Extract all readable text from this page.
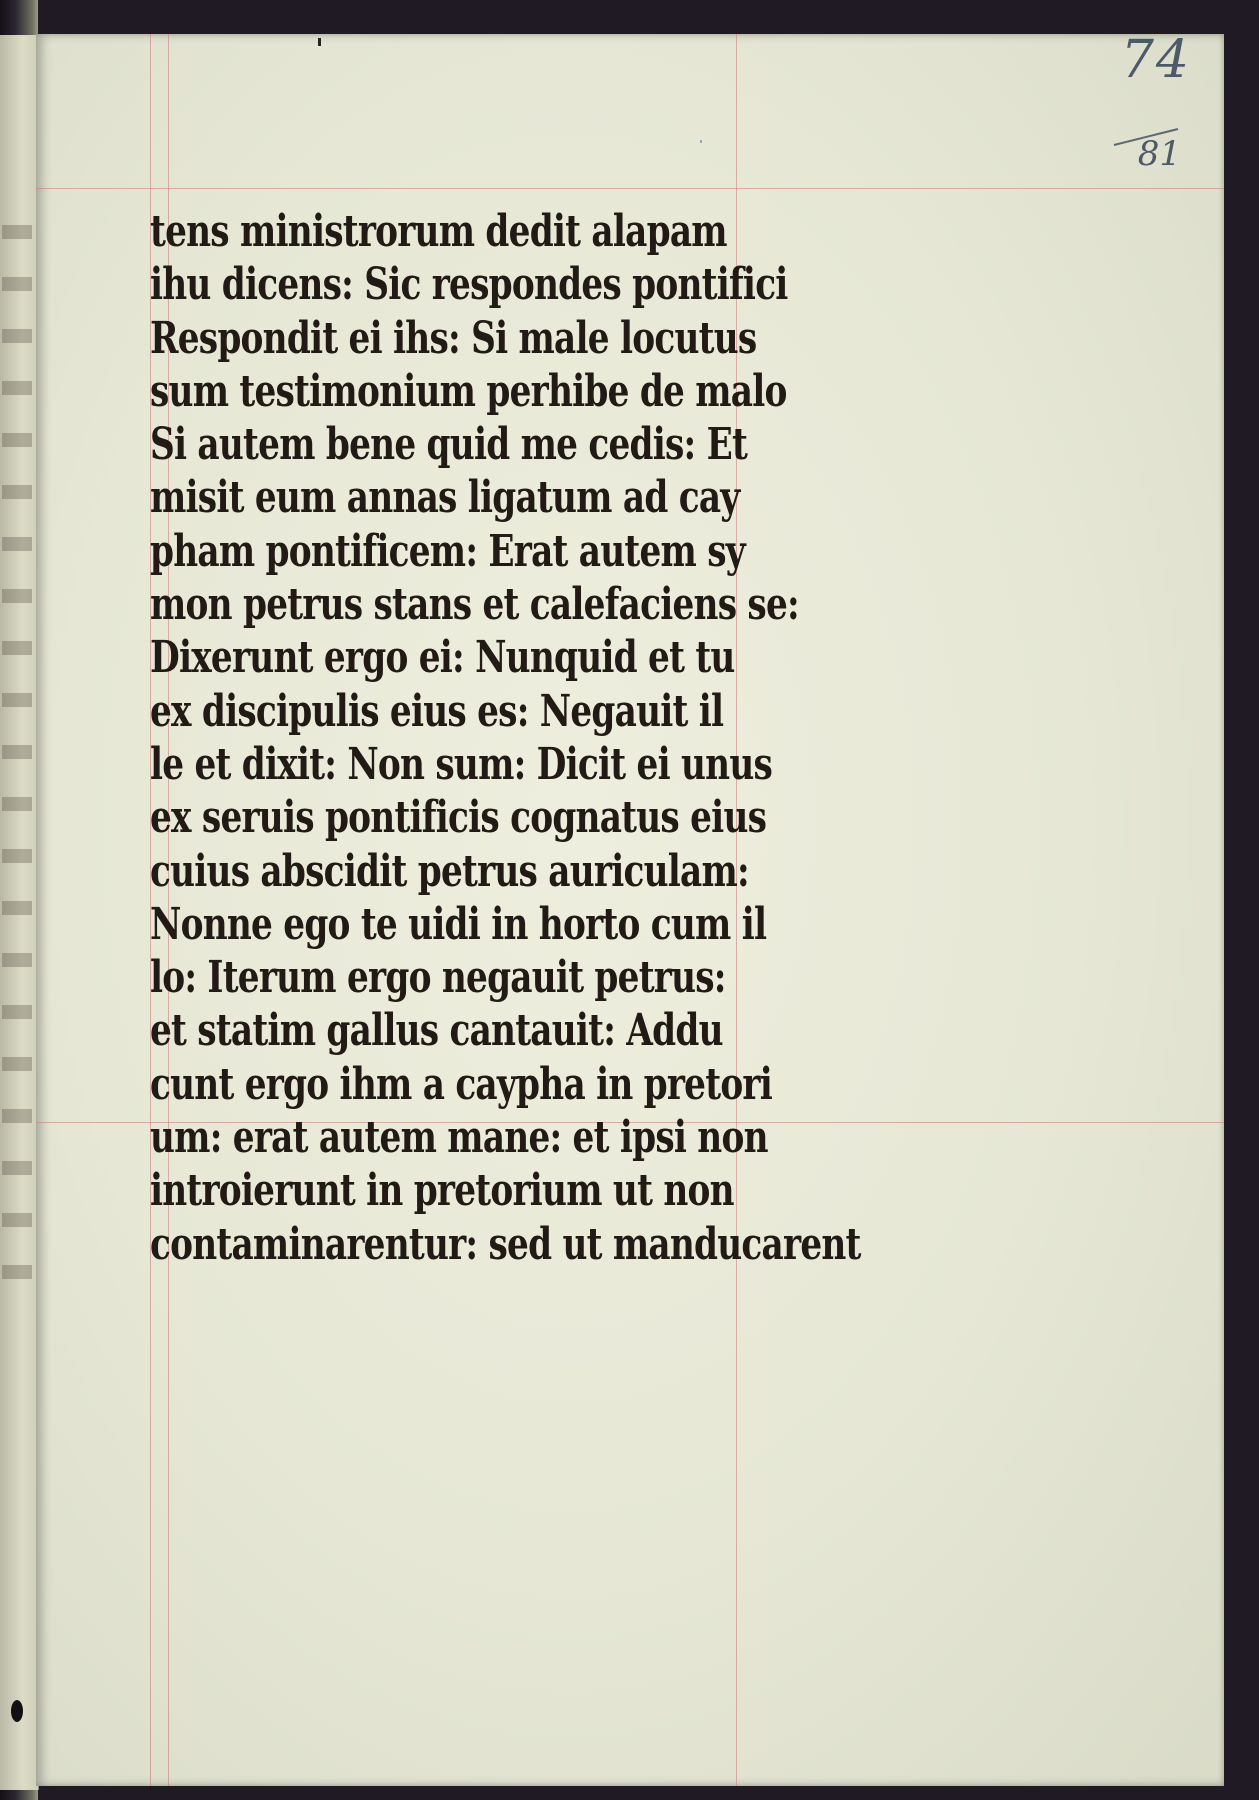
74
81
tens ministrorum dedit alapam
ihu dicens: Sic respondes pontifici
Respondit ei ihs: Si male locutus
sum testimonium perhibe de malo
Si autem bene quid me cedis: Et
misit eum annas ligatum ad cay
pham pontificem: Erat autem sy
mon petrus stans et calefaciens se:
Dixerunt ergo ei: Nunquid et tu
ex discipulis eius es: Negauit il
le et dixit: Non sum: Dicit ei unus
ex seruis pontificis cognatus eius
cuius abscidit petrus auriculam:
Nonne ego te uidi in horto cum il
lo: Iterum ergo negauit petrus:
et statim gallus cantauit: Addu
cunt ergo ihm a caypha in pretori
um: erat autem mane: et ipsi non
introierunt in pretorium ut non
contaminarentur: sed ut manducarent
